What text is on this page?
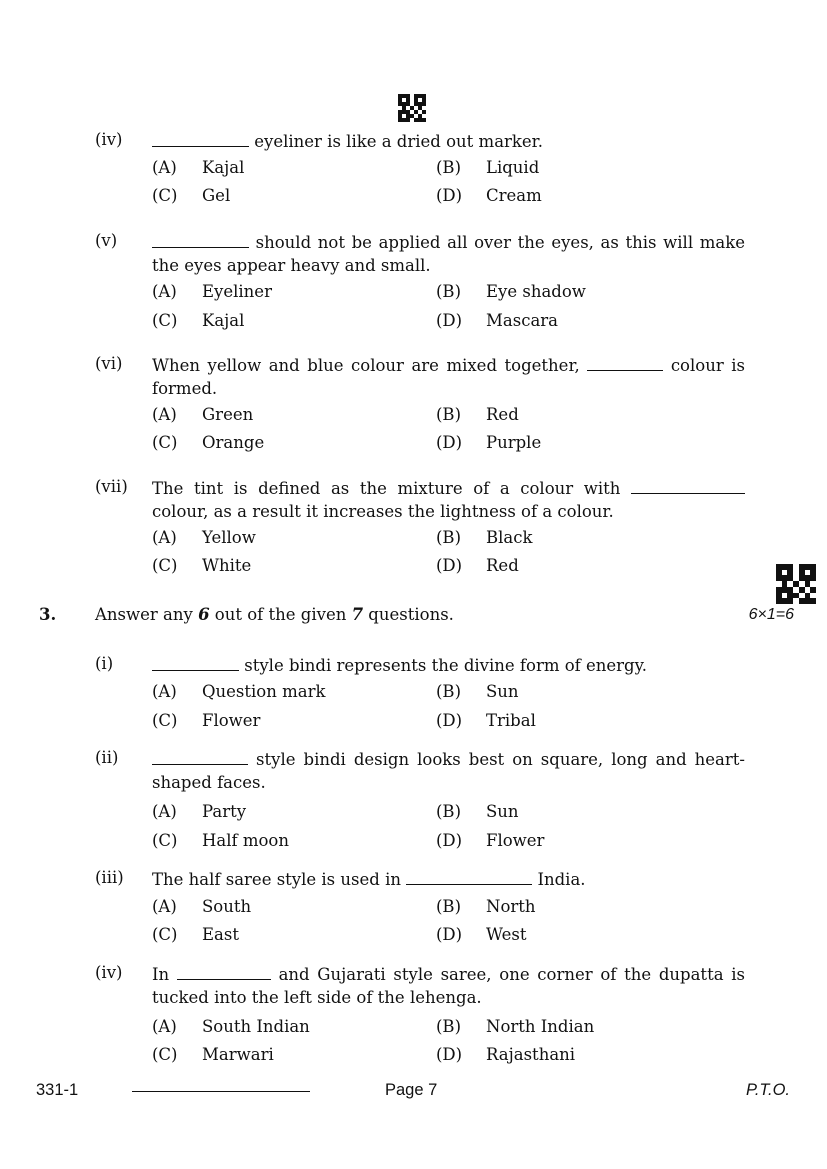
(iv)	eyeliner is like a dried out marker.
(A) Kajal	(B) Liquid
(C) Gel	(D) Cream
(v)	should not be applied all over the eyes, as this will make the eyes appear heavy and small.
(A) Eyeliner	(B) Eye shadow
(C) Kajal	(D) Mascara
(vi) When yellow and blue colour are mixed together,	colour is formed.
(A) Green	(B) Red
(C) Orange	(D) Purple
(vii) The tint is defined as the mixture of a colour with  colour, as a result it increases the lightness of a colour.
(A) Yellow	(B) Black
(C) White	(D) Red
3. Answer any 6 out of the given 7 questions.	6×1=6
(i)	style bindi represents the divine form of energy.
(A) Question mark	(B) Sun
(C) Flower	(D) Tribal
(ii)	style bindi design looks best on square, long and heart-shaped faces.
(A) Party	(B) Sun
(C) Half moon	(D) Flower
(iii) The half saree style is used in	India.
(A) South	(B) North
(C) East	(D) West
(iv) In	and Gujarati style saree, one corner of the dupatta is tucked into the left side of the lehenga.
(A) South Indian	(B) North Indian
(C) Marwari	(D) Rajasthani
331-1	Page 7	P.T.O.
